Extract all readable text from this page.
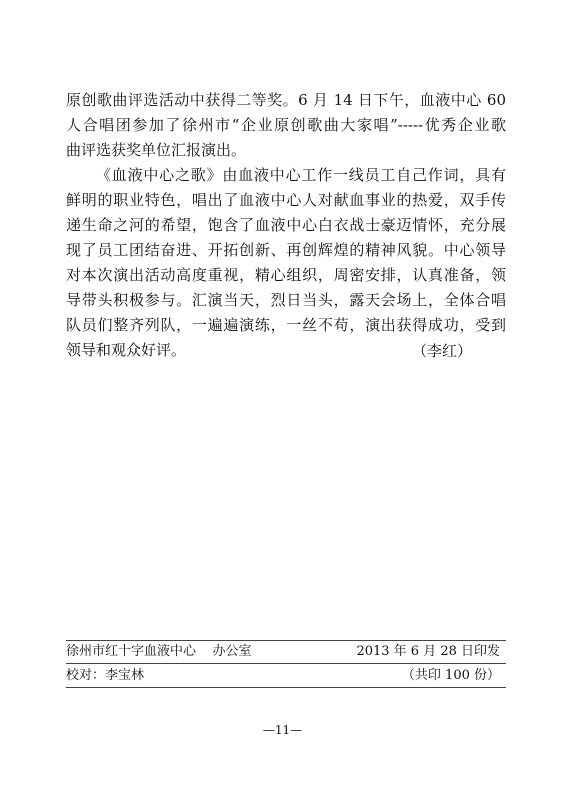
原创歌曲评选活动中获得二等奖。6 月 14 日下午，血液中心 60
人合唱团参加了徐州市“企业原创歌曲大家唱”-----优秀企业歌
曲评选获奖单位汇报演出。
《血液中心之歌》由血液中心工作一线员工自己作词，具有
鲜明的职业特色，唱出了血液中心人对献血事业的热爱，双手传
递生命之河的希望，饱含了血液中心白衣战士豪迈情怀，充分展
现了员工团结奋进、开拓创新、再创辉煌的精神风貌。中心领导
对本次演出活动高度重视，精心组织，周密安排，认真准备，领
导带头积极参与。汇演当天，烈日当头，露天会场上，全体合唱
队员们整齐列队，一遍遍演练，一丝不苟，演出获得成功，受到
领导和观众好评。	（李红）
徐州市红十字血液中心    办公室	2013 年 6 月 28 日印发
校对：李宝林	（共印 100 份）
—11—
